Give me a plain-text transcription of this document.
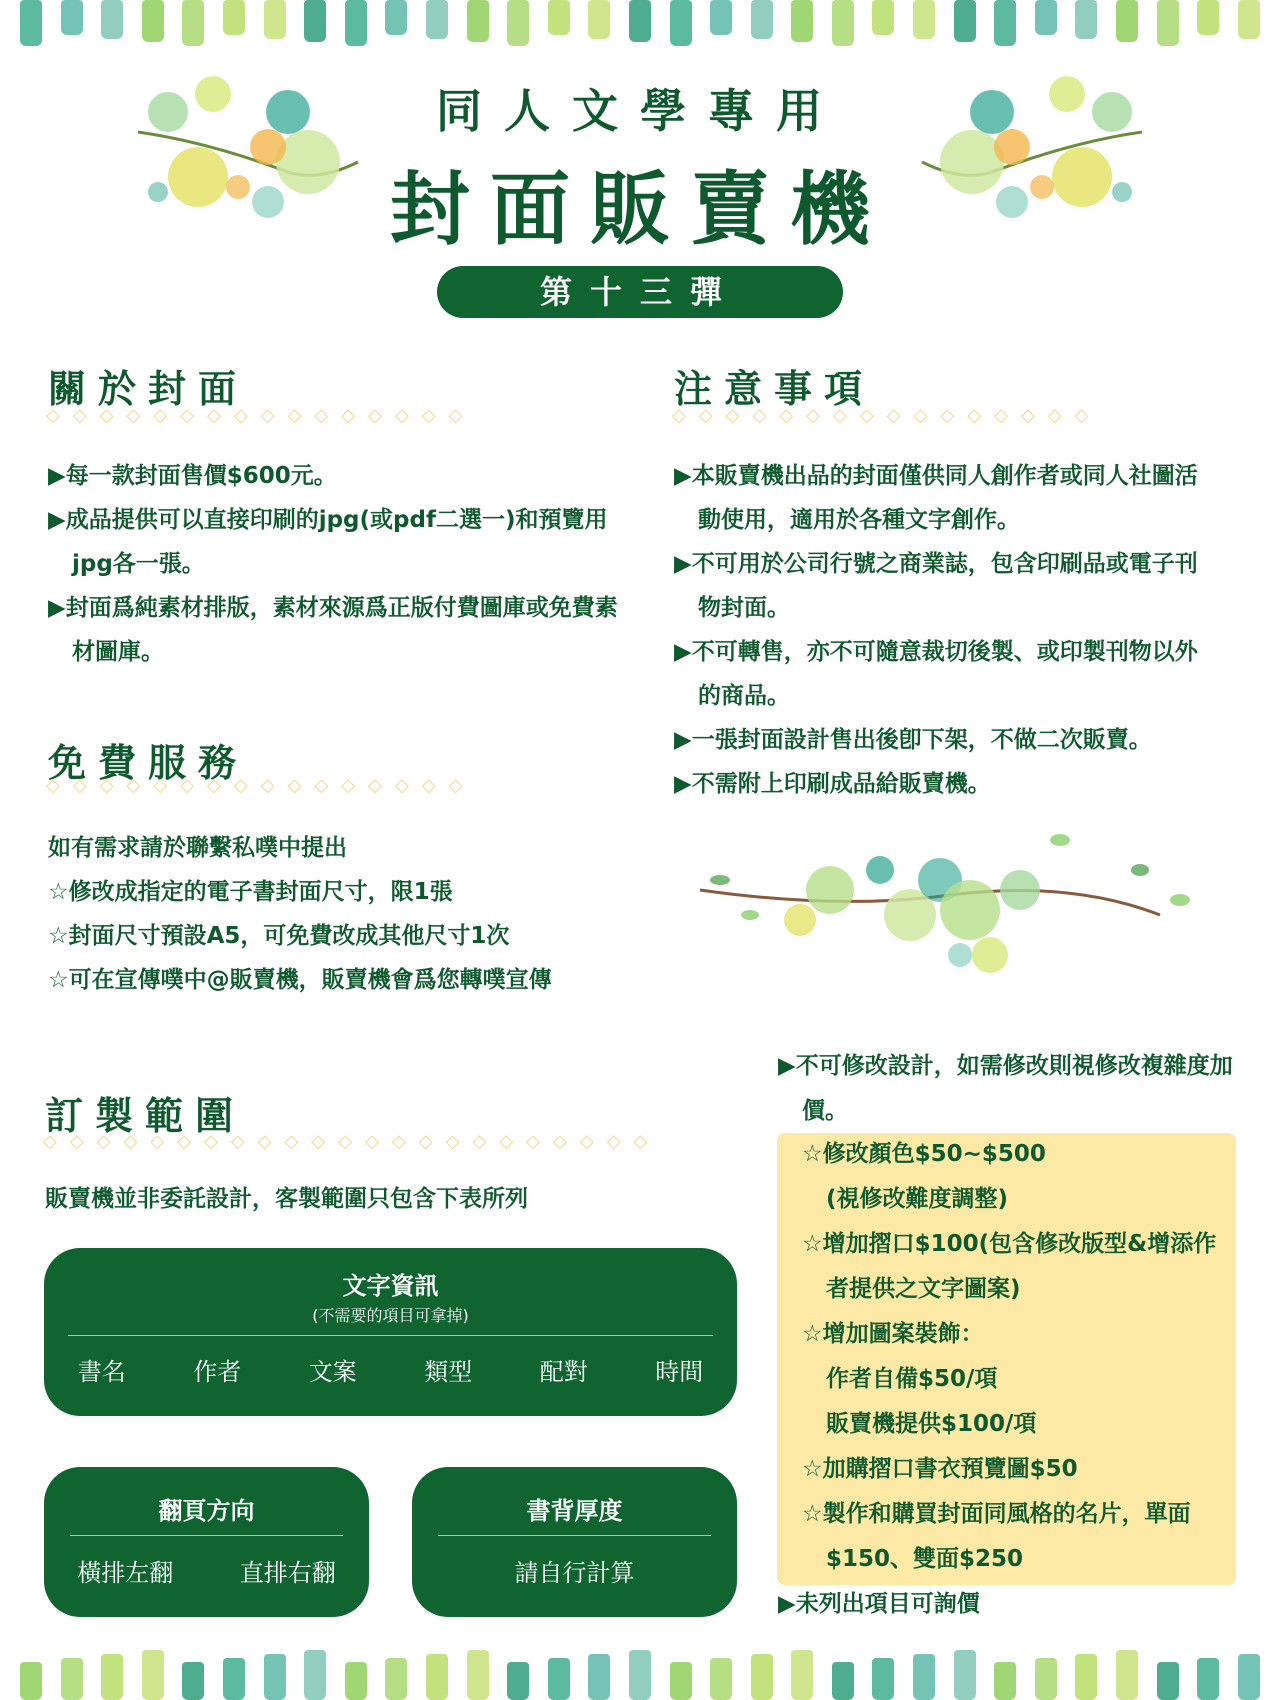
同人文學專用
封面販賣機
第十三彈
關於封面
◇◇◇◇◇◇◇◇◇◇◇◇◇◇◇◇

▶每一款封面售價$600元。

▶成品提供可以直接印刷的jpg(或pdf二選一)和預覽用jpg各一張。

▶封面爲純素材排版，素材來源爲正版付費圖庫或免費素材圖庫。

免費服務
◇◇◇◇◇◇◇◇◇◇◇◇◇◇◇◇

如有需求請於聯繫私噗中提出

☆修改成指定的電子書封面尺寸，限1張

☆封面尺寸預設A5，可免費改成其他尺寸1次

☆可在宣傳噗中@販賣機，販賣機會爲您轉噗宣傳

注意事項
◇◇◇◇◇◇◇◇◇◇◇◇◇◇◇◇

▶本販賣機出品的封面僅供同人創作者或同人社圖活動使用，適用於各種文字創作。

▶不可用於公司行號之商業誌，包含印刷品或電子刊物封面。

▶不可轉售，亦不可隨意裁切後製、或印製刊物以外的商品。

▶一張封面設計售出後卽下架，不做二次販賣。

▶不需附上印刷成品給販賣機。

訂製範圍
◇◇◇◇◇◇◇◇◇◇◇◇◇◇◇◇◇◇◇◇◇◇◇
販賣機並非委託設計，客製範圍只包含下表所列
文字資訊
(不需要的項目可拿掉)
書名	作者	文案	類型	配對	時間
翻頁方向
橫排左翻	直排右翻
書背厚度
請自行計算
▶不可修改設計，如需修改則視修改複雜度加價。

☆修改顏色$50~$500

(視修改難度調整)

☆增加摺口$100(包含修改版型&增添作者提供之文字圖案)

☆增加圖案裝飾：

作者自備$50/項

販賣機提供$100/項

☆加購摺口書衣預覽圖$50

☆製作和購買封面同風格的名片，單面$150、雙面$250

▶未列出項目可詢價
